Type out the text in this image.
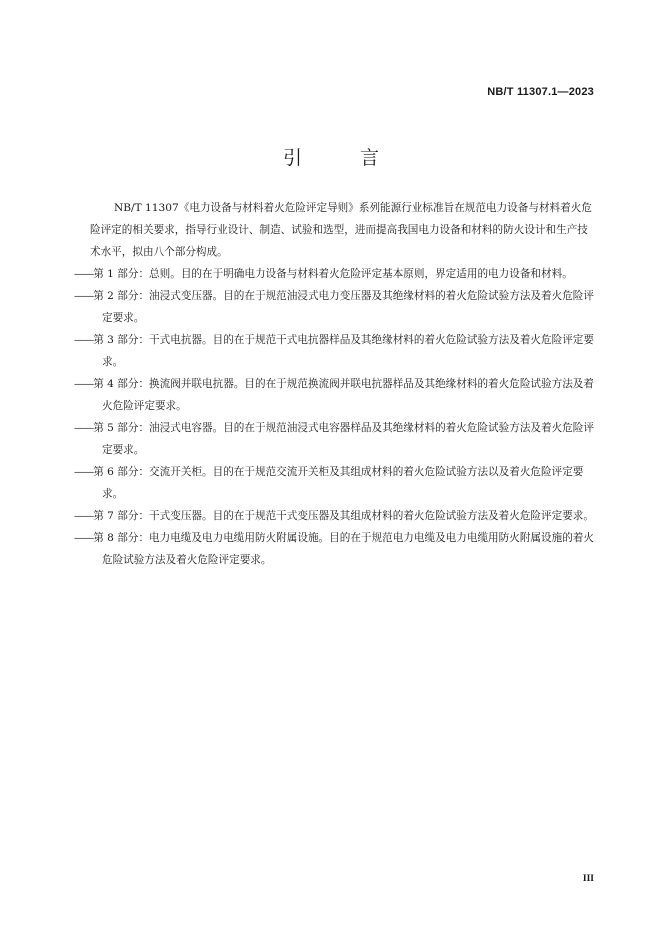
NB/T 11307.1—2023
引 言

NB/T 11307《电力设备与材料着火危险评定导则》系列能源行业标准旨在规范电力设备与材料着火危险评定的相关要求，指导行业设计、制造、试验和选型，进而提高我国电力设备和材料的防火设计和生产技术水平，拟由八个部分构成。

——第 1 部分：总则。目的在于明确电力设备与材料着火危险评定基本原则，界定适用的电力设备和材料。
——第 2 部分：油浸式变压器。目的在于规范油浸式电力变压器及其绝缘材料的着火危险试验方法及着火危险评定要求。
——第 3 部分：干式电抗器。目的在于规范干式电抗器样品及其绝缘材料的着火危险试验方法及着火危险评定要求。
——第 4 部分：换流阀并联电抗器。目的在于规范换流阀并联电抗器样品及其绝缘材料的着火危险试验方法及着火危险评定要求。
——第 5 部分：油浸式电容器。目的在于规范油浸式电容器样品及其绝缘材料的着火危险试验方法及着火危险评定要求。
——第 6 部分：交流开关柜。目的在于规范交流开关柜及其组成材料的着火危险试验方法以及着火危险评定要求。
——第 7 部分：干式变压器。目的在于规范干式变压器及其组成材料的着火危险试验方法及着火危险评定要求。
——第 8 部分：电力电缆及电力电缆用防火附属设施。目的在于规范电力电缆及电力电缆用防火附属设施的着火危险试验方法及着火危险评定要求。
III
